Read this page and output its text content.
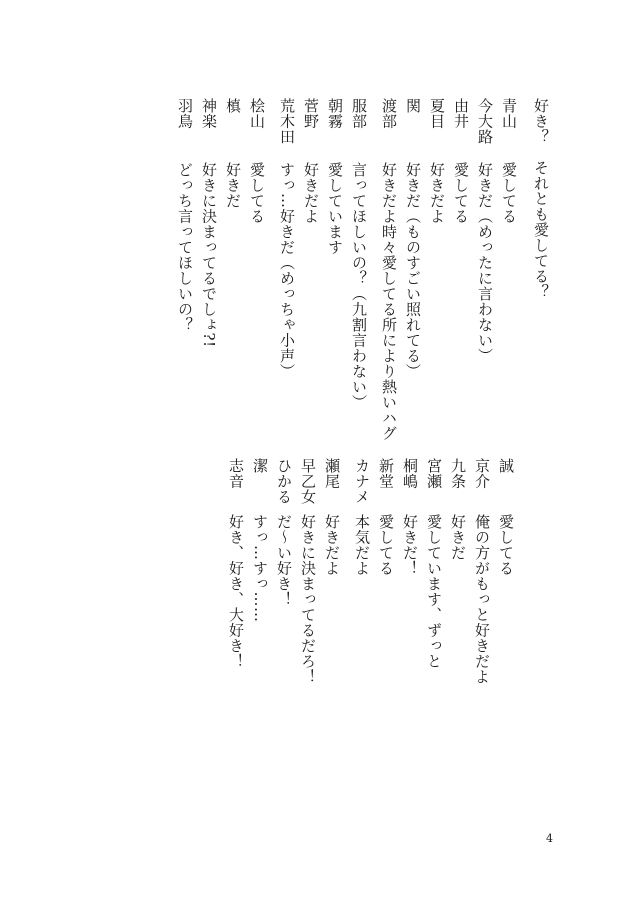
好き？　それとも愛してる？
青山
愛してる
今大路
好きだ（めったに言わない）
由井
愛してる
夏目
好きだよ
関
好きだ（ものすごい照れてる）
渡部
好きだよ時々愛してる所により熱いハグ
服部
言ってほしいの？（九割言わない）
朝霧
愛しています
菅野
好きだよ
荒木田
すっ…好きだ（めっちゃ小声）
桧山
愛してる
槙
好きだ
神楽
好きに決まってるでしょ?!
羽鳥
どっち言ってほしいの？
誠
愛してる
京介
俺の方がもっと好きだよ
九条
好きだ
宮瀬
愛しています、ずっと
桐嶋
好きだ！
新堂
愛してる
カナメ
本気だよ
瀬尾
好きだよ
早乙女
好きに決まってるだろ！
ひかる
だ～い好き！
潔
すっ…すっ……
志音
好き、好き、大好き！
4
